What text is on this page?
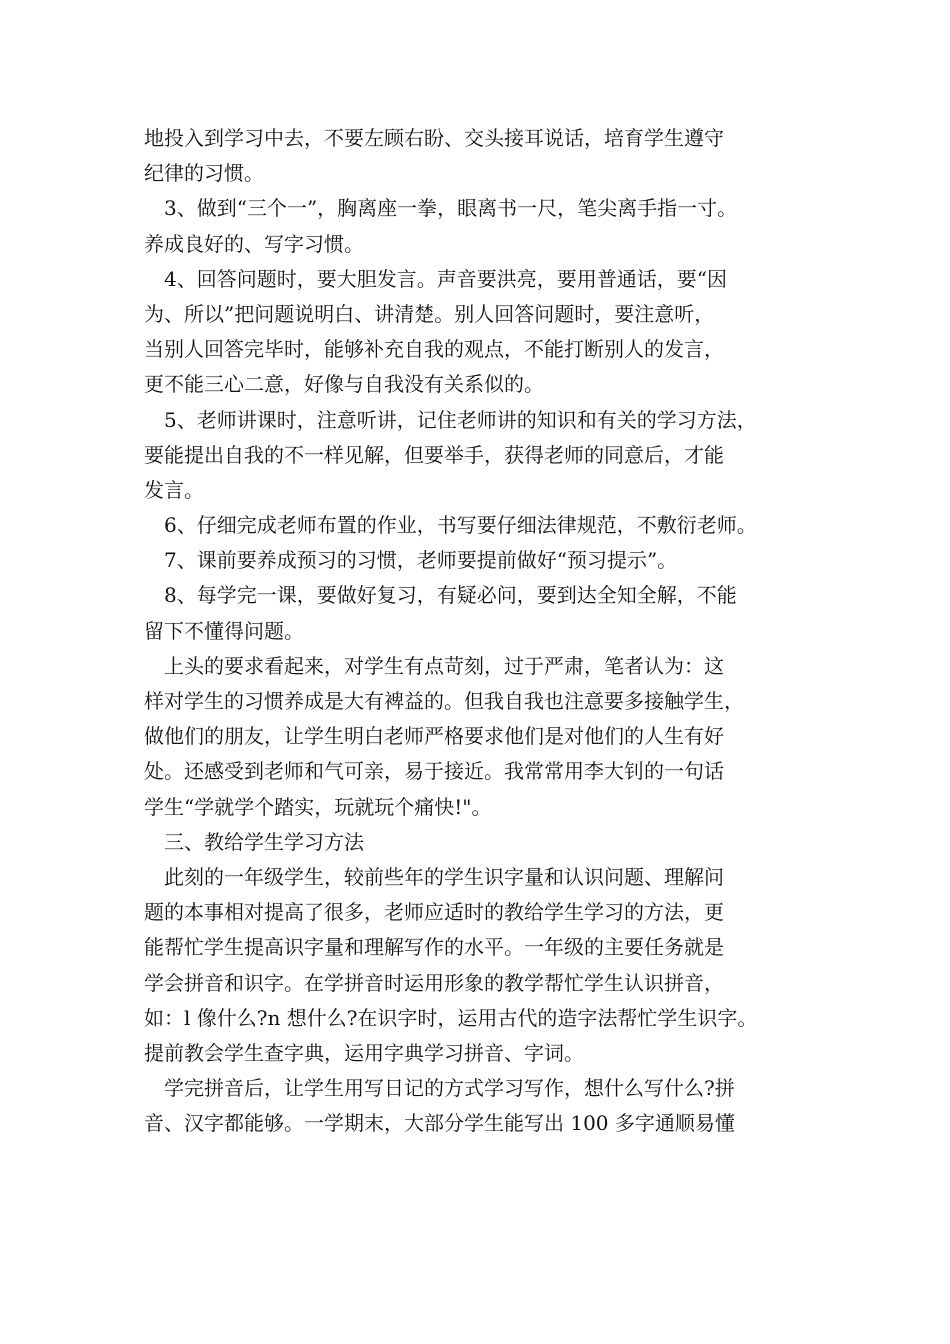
地投入到学习中去，不要左顾右盼、交头接耳说话，培育学生遵守
纪律的习惯。
3、做到“三个一”，胸离座一拳，眼离书一尺，笔尖离手指一寸。
养成良好的、写字习惯。
4、回答问题时，要大胆发言。声音要洪亮，要用普通话，要“因
为、所以”把问题说明白、讲清楚。别人回答问题时，要注意听，
当别人回答完毕时，能够补充自我的观点，不能打断别人的发言，
更不能三心二意，好像与自我没有关系似的。
5、老师讲课时，注意听讲，记住老师讲的知识和有关的学习方法，
要能提出自我的不一样见解，但要举手，获得老师的同意后，才能
发言。
6、仔细完成老师布置的作业，书写要仔细法律规范，不敷衍老师。
7、课前要养成预习的习惯，老师要提前做好“预习提示”。
8、每学完一课，要做好复习，有疑必问，要到达全知全解，不能
留下不懂得问题。
上头的要求看起来，对学生有点苛刻，过于严肃，笔者认为：这
样对学生的习惯养成是大有裨益的。但我自我也注意要多接触学生，
做他们的朋友，让学生明白老师严格要求他们是对他们的人生有好
处。还感受到老师和气可亲，易于接近。我常常用李大钊的一句话
学生“学就学个踏实，玩就玩个痛快!"。
三、教给学生学习方法
此刻的一年级学生，较前些年的学生识字量和认识问题、理解问
题的本事相对提高了很多，老师应适时的教给学生学习的方法，更
能帮忙学生提高识字量和理解写作的水平。一年级的主要任务就是
学会拼音和识字。在学拼音时运用形象的教学帮忙学生认识拼音，
如：l 像什么?n 想什么?在识字时，运用古代的造字法帮忙学生识字。
提前教会学生查字典，运用字典学习拼音、字词。
学完拼音后，让学生用写日记的方式学习写作，想什么写什么?拼
音、汉字都能够。一学期末，大部分学生能写出 100 多字通顺易懂
